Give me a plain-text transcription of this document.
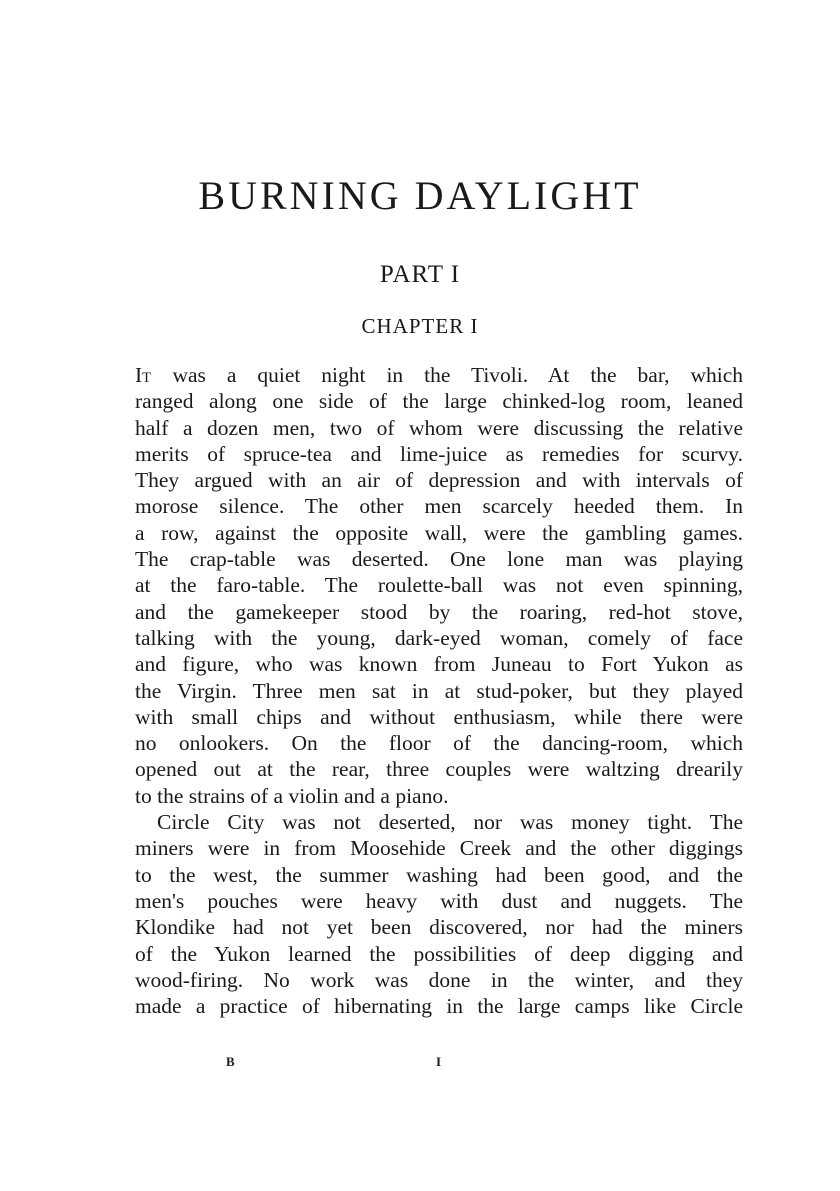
BURNING DAYLIGHT
PART I
CHAPTER I
IT was a quiet night in the Tivoli. At the bar, which
ranged along one side of the large chinked-log room, leaned
half a dozen men, two of whom were discussing the relative
merits of spruce-tea and lime-juice as remedies for scurvy.
They argued with an air of depression and with intervals of
morose silence. The other men scarcely heeded them. In
a row, against the opposite wall, were the gambling games.
The crap-table was deserted. One lone man was playing
at the faro-table. The roulette-ball was not even spinning,
and the gamekeeper stood by the roaring, red-hot stove,
talking with the young, dark-eyed woman, comely of face
and figure, who was known from Juneau to Fort Yukon as
the Virgin. Three men sat in at stud-poker, but they played
with small chips and without enthusiasm, while there were
no onlookers. On the floor of the dancing-room, which
opened out at the rear, three couples were waltzing drearily
to the strains of a violin and a piano.
Circle City was not deserted, nor was money tight. The
miners were in from Moosehide Creek and the other diggings
to the west, the summer washing had been good, and the
men's pouches were heavy with dust and nuggets. The
Klondike had not yet been discovered, nor had the miners
of the Yukon learned the possibilities of deep digging and
wood-firing. No work was done in the winter, and they
made a practice of hibernating in the large camps like Circle
B	I
